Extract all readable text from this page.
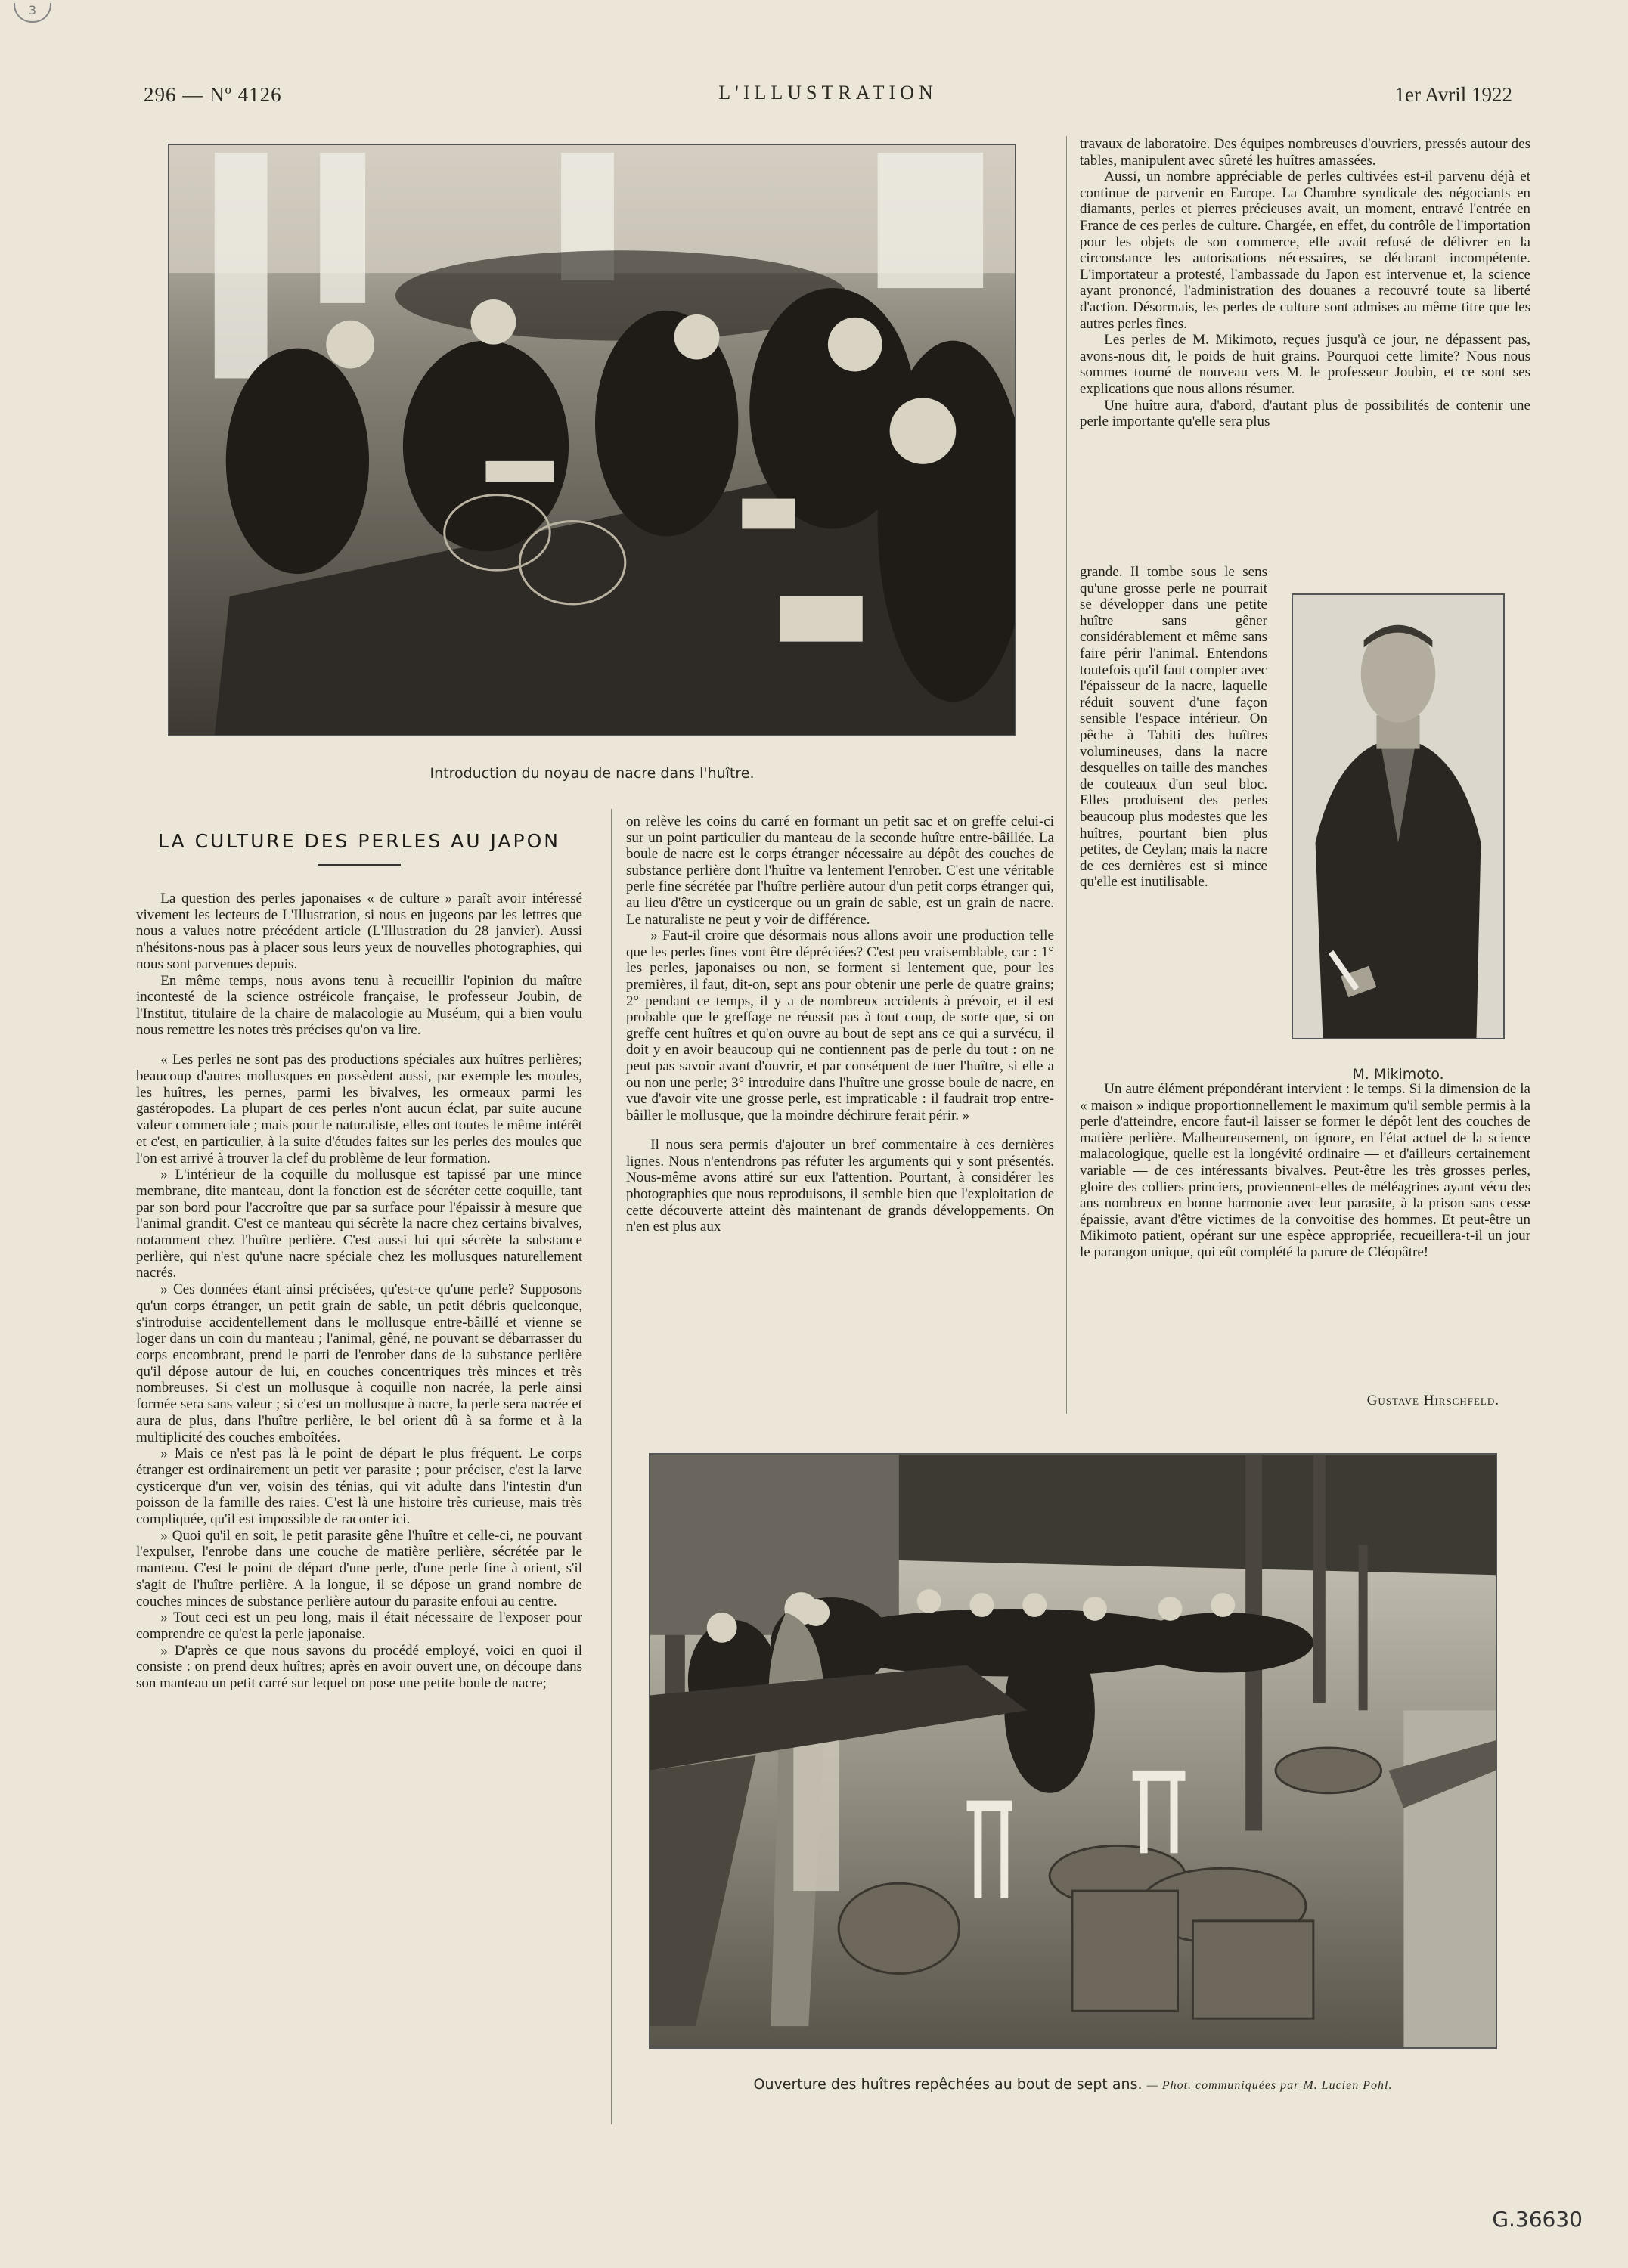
3
296 — Nº 4126	L'ILLUSTRATION	1er Avril 1922
Introduction du noyau de nacre dans l'huître.
M. Mikimoto.
Ouverture des huîtres repêchées au bout de sept ans. — Phot. communiquées par M. Lucien Pohl.
LA CULTURE DES PERLES AU JAPON

La question des perles japonaises « de culture » paraît avoir intéressé vivement les lecteurs de L'Illustration, si nous en jugeons par les lettres que nous a values notre précédent article (L'Illustration du 28 janvier). Aussi n'hésitons-nous pas à placer sous leurs yeux de nouvelles photographies, qui nous sont parvenues depuis.

En même temps, nous avons tenu à recueillir l'opinion du maître incontesté de la science ostréicole française, le professeur Joubin, de l'Institut, titulaire de la chaire de malacologie au Muséum, qui a bien voulu nous remettre les notes très précises qu'on va lire.

« Les perles ne sont pas des productions spéciales aux huîtres perlières; beaucoup d'autres mollusques en possèdent aussi, par exemple les moules, les huîtres, les pernes, parmi les bivalves, les ormeaux parmi les gastéropodes. La plupart de ces perles n'ont aucun éclat, par suite aucune valeur commerciale ; mais pour le naturaliste, elles ont toutes le même intérêt et c'est, en particulier, à la suite d'études faites sur les perles des moules que l'on est arrivé à trouver la clef du problème de leur formation.

» L'intérieur de la coquille du mollusque est tapissé par une mince membrane, dite manteau, dont la fonction est de sécréter cette coquille, tant par son bord pour l'accroître que par sa surface pour l'épaissir à mesure que l'animal grandit. C'est ce manteau qui sécrète la nacre chez certains bivalves, notamment chez l'huître perlière. C'est aussi lui qui sécrète la substance perlière, qui n'est qu'une nacre spéciale chez les mollusques naturellement nacrés.

» Ces données étant ainsi précisées, qu'est-ce qu'une perle? Supposons qu'un corps étranger, un petit grain de sable, un petit débris quelconque, s'introduise accidentellement dans le mollusque entre-bâillé et vienne se loger dans un coin du manteau ; l'animal, gêné, ne pouvant se débarrasser du corps encombrant, prend le parti de l'enrober dans de la substance perlière qu'il dépose autour de lui, en couches concentriques très minces et très nombreuses. Si c'est un mollusque à coquille non nacrée, la perle ainsi formée sera sans valeur ; si c'est un mollusque à nacre, la perle sera nacrée et aura de plus, dans l'huître perlière, le bel orient dû à sa forme et à la multiplicité des couches emboîtées.

» Mais ce n'est pas là le point de départ le plus fréquent. Le corps étranger est ordinairement un petit ver parasite ; pour préciser, c'est la larve cysticerque d'un ver, voisin des ténias, qui vit adulte dans l'intestin d'un poisson de la famille des raies. C'est là une histoire très curieuse, mais très compliquée, qu'il est impossible de raconter ici.

» Quoi qu'il en soit, le petit parasite gêne l'huître et celle-ci, ne pouvant l'expulser, l'enrobe dans une couche de matière perlière, sécrétée par le manteau. C'est le point de départ d'une perle, d'une perle fine à orient, s'il s'agit de l'huître perlière. A la longue, il se dépose un grand nombre de couches minces de substance perlière autour du parasite enfoui au centre.

» Tout ceci est un peu long, mais il était nécessaire de l'exposer pour comprendre ce qu'est la perle japonaise.

» D'après ce que nous savons du procédé employé, voici en quoi il consiste : on prend deux huîtres; après en avoir ouvert une, on découpe dans son manteau un petit carré sur lequel on pose une petite boule de nacre;

on relève les coins du carré en formant un petit sac et on greffe celui-ci sur un point particulier du manteau de la seconde huître entre-bâillée. La boule de nacre est le corps étranger nécessaire au dépôt des couches de substance perlière dont l'huître va lentement l'enrober. C'est une véritable perle fine sécrétée par l'huître perlière autour d'un petit corps étranger qui, au lieu d'être un cysticerque ou un grain de sable, est un grain de nacre. Le naturaliste ne peut y voir de différence.

» Faut-il croire que désormais nous allons avoir une production telle que les perles fines vont être dépréciées? C'est peu vraisemblable, car : 1° les perles, japonaises ou non, se forment si lentement que, pour les premières, il faut, dit-on, sept ans pour obtenir une perle de quatre grains; 2° pendant ce temps, il y a de nombreux accidents à prévoir, et il est probable que le greffage ne réussit pas à tout coup, de sorte que, si on greffe cent huîtres et qu'on ouvre au bout de sept ans ce qui a survécu, il doit y en avoir beaucoup qui ne contiennent pas de perle du tout : on ne peut pas savoir avant d'ouvrir, et par conséquent de tuer l'huître, si elle a ou non une perle; 3° introduire dans l'huître une grosse boule de nacre, en vue d'avoir vite une grosse perle, est impraticable : il faudrait trop entre-bâiller le mollusque, que la moindre déchirure ferait périr. »

Il nous sera permis d'ajouter un bref commentaire à ces dernières lignes. Nous n'entendrons pas réfuter les arguments qui y sont présentés. Nous-même avons attiré sur eux l'attention. Pourtant, à considérer les photographies que nous reproduisons, il semble bien que l'exploitation de cette découverte atteint dès maintenant de grands développements. On n'en est plus aux

travaux de laboratoire. Des équipes nombreuses d'ouvriers, pressés autour des tables, manipulent avec sûreté les huîtres amassées.

Aussi, un nombre appréciable de perles cultivées est-il parvenu déjà et continue de parvenir en Europe. La Chambre syndicale des négociants en diamants, perles et pierres précieuses avait, un moment, entravé l'entrée en France de ces perles de culture. Chargée, en effet, du contrôle de l'importation pour les objets de son commerce, elle avait refusé de délivrer en la circonstance les autorisations nécessaires, se déclarant incompétente. L'importateur a protesté, l'ambassade du Japon est intervenue et, la science ayant prononcé, l'administration des douanes a recouvré toute sa liberté d'action. Désormais, les perles de culture sont admises au même titre que les autres perles fines.

Les perles de M. Mikimoto, reçues jusqu'à ce jour, ne dépassent pas, avons-nous dit, le poids de huit grains. Pourquoi cette limite? Nous nous sommes tourné de nouveau vers M. le professeur Joubin, et ce sont ses explications que nous allons résumer.

Une huître aura, d'abord, d'autant plus de possibilités de contenir une perle importante qu'elle sera plus

grande. Il tombe sous le sens qu'une grosse perle ne pourrait se développer dans une petite huître sans gêner considérablement et même sans faire périr l'animal. Entendons toutefois qu'il faut compter avec l'épaisseur de la nacre, laquelle réduit souvent d'une façon sensible l'espace intérieur. On pêche à Tahiti des huîtres volumineuses, dans la nacre desquelles on taille des manches de couteaux d'un seul bloc. Elles produisent des perles beaucoup plus modestes que les huîtres, pourtant bien plus petites, de Ceylan; mais la nacre de ces dernières est si mince qu'elle est inutilisable.

Un autre élément prépondérant intervient : le temps. Si la dimension de la « maison » indique proportionnellement le maximum qu'il semble permis à la perle d'atteindre, encore faut-il laisser se former le dépôt lent des couches de matière perlière. Malheureusement, on ignore, en l'état actuel de la science malacologique, quelle est la longévité ordinaire — et d'ailleurs certainement variable — de ces intéressants bivalves. Peut-être les très grosses perles, gloire des colliers princiers, proviennent-elles de méléagrines ayant vécu des ans nombreux en bonne harmonie avec leur parasite, à la prison sans cesse épaissie, avant d'être victimes de la convoitise des hommes. Et peut-être un Mikimoto patient, opérant sur une espèce appropriée, recueillera-t-il un jour le parangon unique, qui eût complété la parure de Cléopâtre!

Gustave Hirschfeld.
G.36630
